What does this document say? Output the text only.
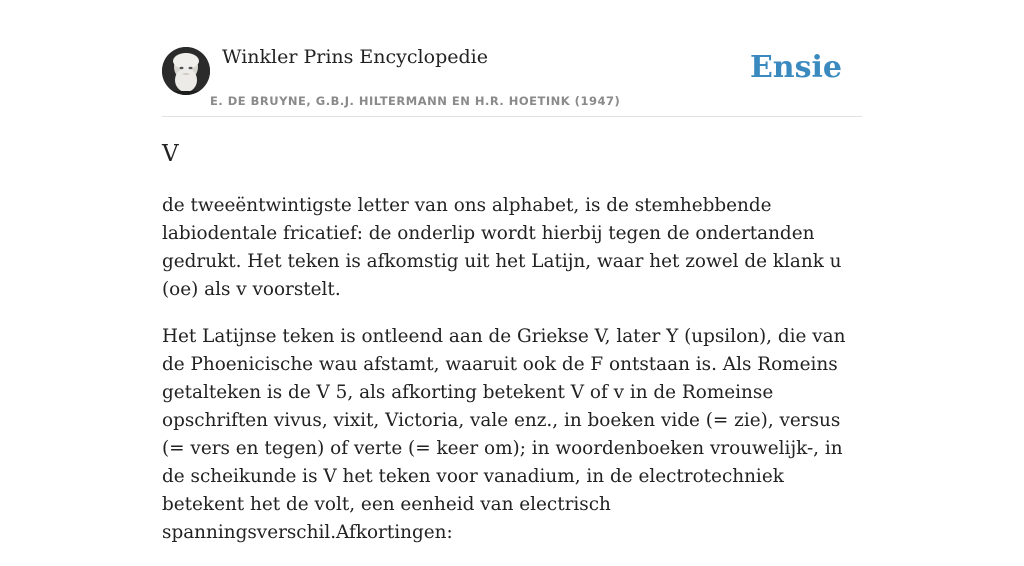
Winkler Prins Encyclopedie
E. DE BRUYNE, G.B.J. HILTERMANN EN H.R. HOETINK (1947)
Ensie
V

de tweeëntwintigste letter van ons alphabet, is de stemhebbende labiodentale fricatief: de onderlip wordt hierbij tegen de ondertanden gedrukt. Het teken is afkomstig uit het Latijn, waar het zowel de klank u (oe) als v voorstelt.

Het Latijnse teken is ontleend aan de Griekse V, later Y (upsilon), die van de Phoenicische wau afstamt, waaruit ook de F ontstaan is. Als Romeins getalteken is de V 5, als afkorting betekent V of v in de Romeinse opschriften vivus, vixit, Victoria, vale enz., in boeken vide (= zie), versus (= vers en tegen) of verte (= keer om); in woordenboeken vrouwelijk-, in de scheikunde is V het teken voor vanadium, in de electrotechniek betekent het de volt, een eenheid van electrisch spanningsverschil.Afkortingen:
